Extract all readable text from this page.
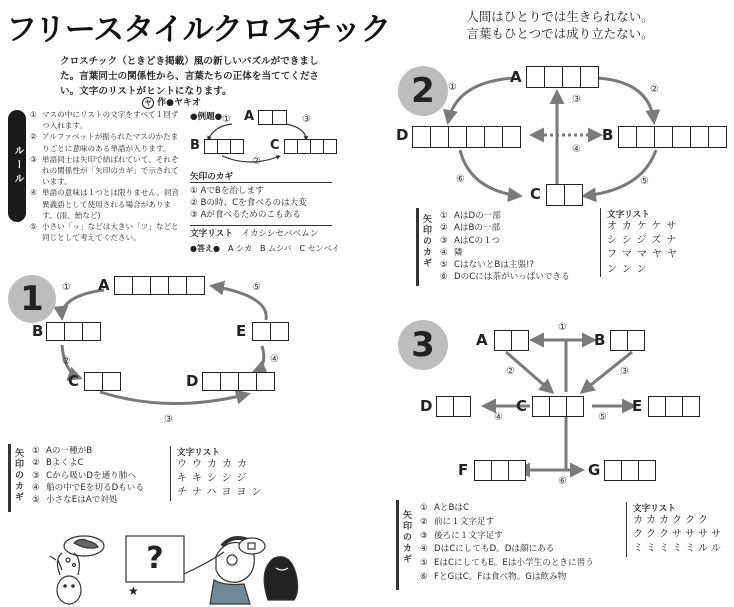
フリースタイルクロスチック	人間はひとりでは生きられない。
言葉もひとつでは成り立たない。
クロスチック（ときどき掲載）風の新しいパズルができました。言葉同士の関係性から、言葉たちの正体を当ててください。文字のリストがヒントになります。
ヤ 作●ヤキオ
ルール
① マスの中にリストの文字をすべて１回ずつ入れます。
② アルファベットが振られたマスのかたまりごとに意味のある単語が入ります。
③ 単語同士は矢印で結ばれていて、それぞれの関係性が「矢印のカギ」で示されています。
④ 単語の意味は１つとは限りません。同音異義語として使用される場合があります。(雨、飴など)
⑤ 小さい「ッ」などは大きい「ツ」などと同じとして考えてください。
●例題● A
B	C
①	③
②
矢印のカギ
① AでBを治します
② Bの時、Cを食べるのは大変
③ Aが食べるためのこもある
文字リスト　 イカシシセバベムン
●答え●　 A シカ　B ムシバ　C センベイ
1	A
B
C	D
E
①
②
③
④
⑤
矢印のカギ ① Aの一種がB
② BよくよC
③ Cから吸いDを通り肺へ
④ 船の中でEを切るDもいる
⑤ 小さなEはAで対処
文字リスト
ウウカカカ
キキシシジ
チナハヨヨン
?
★
2	A
D	B
C
①	②
③
④
⑤
⑥
矢印のカギ ① AはDの一部
② AはBの一部
③ AはCの１つ
④ 隣
⑤ CはないとBは主張!?
⑥ DのCには茶がいっぱいできる
文字リスト
オカケケサ
シシジズナ
フママヤヤ
ンンン
3	A	B
D	C	E
F	G
①
②	③
④	⑤
⑥
矢印のカギ
① AとBはC
② 前に１文字足す
③ 後ろに１文字足す
④ DはCにしてもD。Dは顔にある
⑤ EはCにしてもE。Eは小学生のときに習う
⑥ FとGはC。Fは食べ物。Gは飲み物
文字リスト
カカカククク
クククササササ
ミミミミミルル
